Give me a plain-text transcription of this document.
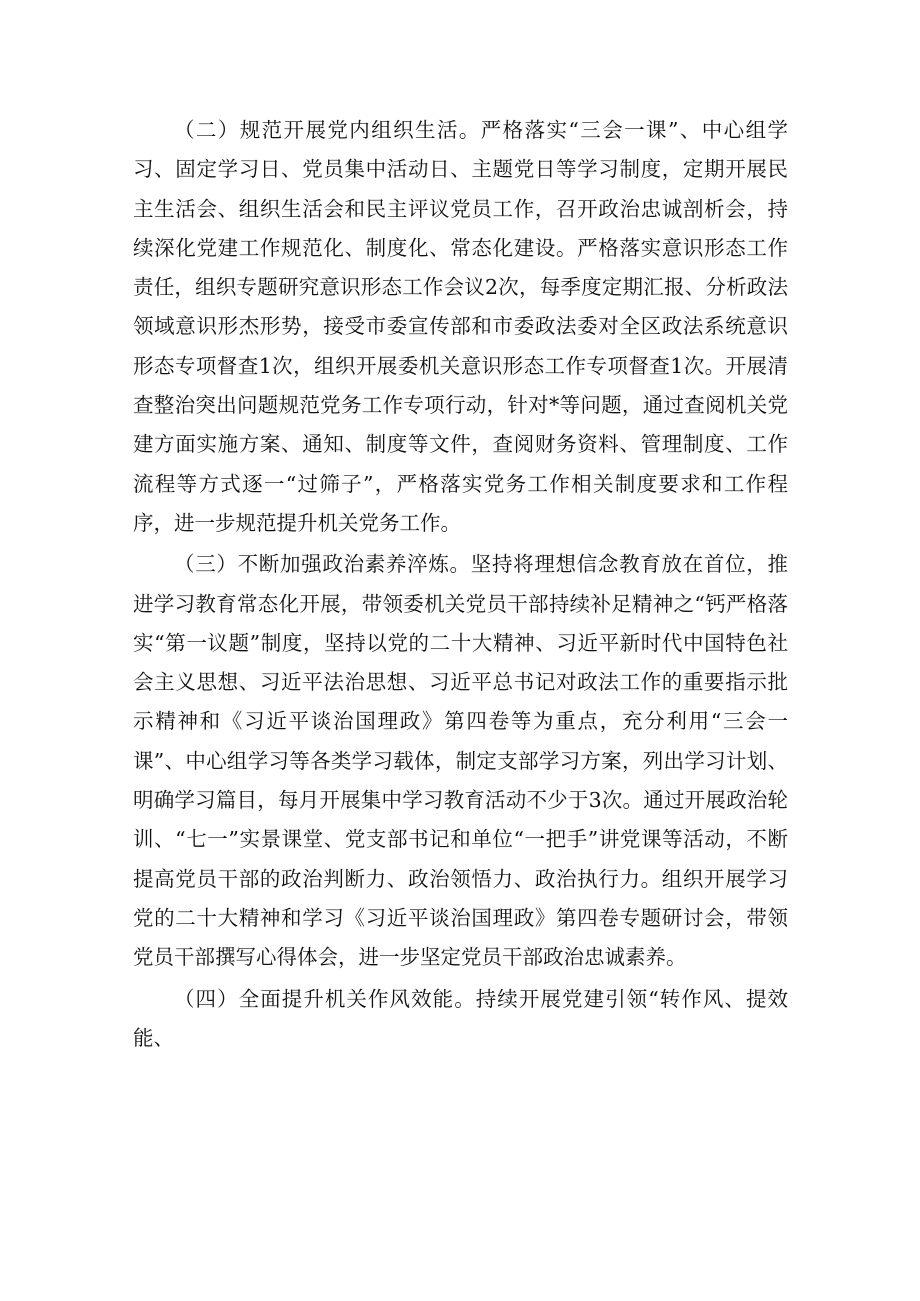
（二）规范开展党内组织生活。严格落实“三会一课”、中心组学习、固定学习日、党员集中活动日、主题党日等学习制度，定期开展民主生活会、组织生活会和民主评议党员工作，召开政治忠诚剖析会，持续深化党建工作规范化、制度化、常态化建设。严格落实意识形态工作责任，组织专题研究意识形态工作会议2次，每季度定期汇报、分析政法领域意识形杰形势，接受市委宣传部和市委政法委对全区政法系统意识形态专项督查1次，组织开展委机关意识形态工作专项督查1次。开展清查整治突出问题规范党务工作专项行动，针对*等问题，通过查阅机关党建方面实施方案、通知、制度等文件，查阅财务资料、管理制度、工作流程等方式逐一“过筛子”，严格落实党务工作相关制度要求和工作程序，进一步规范提升机关党务工作。

（三）不断加强政治素养淬炼。坚持将理想信念教育放在首位，推进学习教育常态化开展，带领委机关党员干部持续补足精神之“钙严格落实“第一议题”制度，坚持以党的二十大精神、习近平新时代中国特色社会主义思想、习近平法治思想、习近平总书记对政法工作的重要指示批示精神和《习近平谈治国理政》第四卷等为重点，充分利用“三会一课”、中心组学习等各类学习载体，制定支部学习方案，列出学习计划、明确学习篇目，每月开展集中学习教育活动不少于3次。通过开展政治轮训、“七一”实景课堂、党支部书记和单位“一把手”讲党课等活动，不断提高党员干部的政治判断力、政治领悟力、政治执行力。组织开展学习党的二十大精神和学习《习近平谈治国理政》第四卷专题研讨会，带领党员干部撰写心得体会，进一步坚定党员干部政治忠诚素养。

（四）全面提升机关作风效能。持续开展党建引领“转作风、提效能、
